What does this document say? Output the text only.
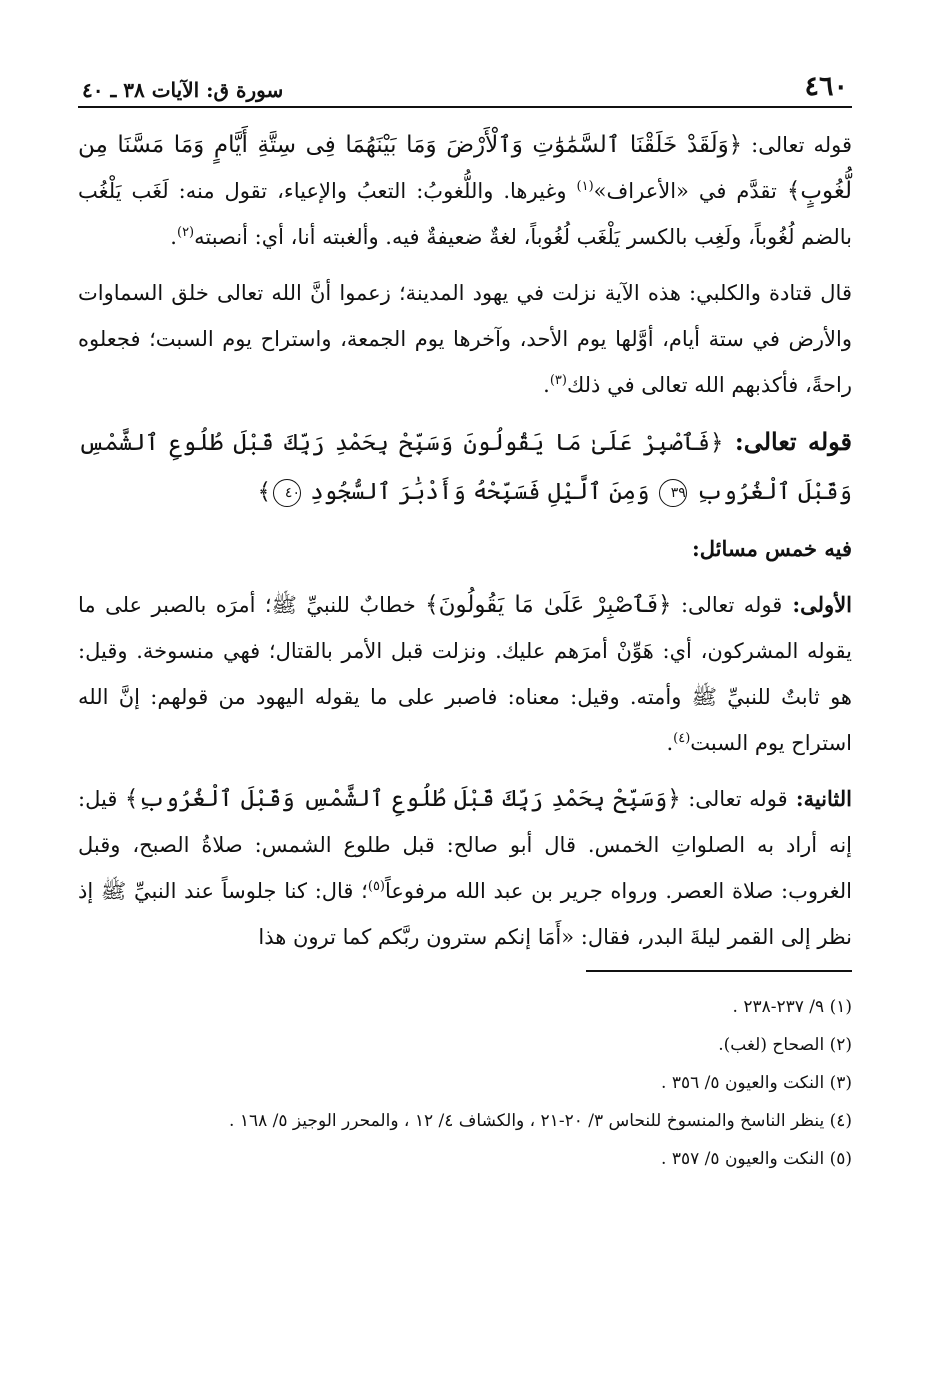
٤٦٠
سورة ق: الآيات ٣٨ ـ ٤٠

قوله تعالى: ﴿وَلَقَدْ خَلَقْنَا ٱلسَّمَٰوَٰتِ وَٱلْأَرْضَ وَمَا بَيْنَهُمَا فِى سِتَّةِ أَيَّامٍ وَمَا مَسَّنَا مِن لُّغُوبٍ﴾ تقدَّم في «الأعراف»$^{(١)}$ وغيرها. واللُّغوبُ: التعبُ والإعياء، تقول منه: لَغَب يَلْغُب بالضم لُغُوباً، ولَغِب بالكسر يَلْغَب لُغُوباً، لغةٌ ضعيفةٌ فيه. وألغبته أنا، أي: أنصبته$^{(٢)}$.

قال قتادة والكلبي: هذه الآية نزلت في يهود المدينة؛ زعموا أنَّ الله تعالى خلق السماوات والأرض في ستة أيام، أوَّلها يوم الأحد، وآخرها يوم الجمعة، واستراح يوم السبت؛ فجعلوه راحةً، فأكذبهم الله تعالى في ذلك$^{(٣)}$.

قوله تعالى: ﴿فَٱصْبِرْ عَلَىٰ مَا يَقُولُونَ وَسَبِّحْ بِحَمْدِ رَبِّكَ قَبْلَ طُلُوعِ ٱلشَّمْسِ وَقَبْلَ ٱلْغُرُوبِ ٣٩ وَمِنَ ٱلَّيْلِ فَسَبِّحْهُ وَأَدْبَٰرَ ٱلسُّجُودِ ٤٠﴾

فيه خمس مسائل:

الأولى: قوله تعالى: ﴿فَٱصْبِرْ عَلَىٰ مَا يَقُولُونَ﴾ خطابٌ للنبيِّ ﷺ؛ أمرَه بالصبر على ما يقوله المشركون، أي: هَوِّنْ أمرَهم عليك. ونزلت قبل الأمر بالقتال؛ فهي منسوخة. وقيل: هو ثابتٌ للنبيِّ ﷺ وأمته. وقيل: معناه: فاصبر على ما يقوله اليهود من قولهم: إنَّ الله استراح يوم السبت$^{(٤)}$.

الثانية: قوله تعالى: ﴿وَسَبِّحْ بِحَمْدِ رَبِّكَ قَبْلَ طُلُوعِ ٱلشَّمْسِ وَقَبْلَ ٱلْغُرُوبِ﴾ قيل: إنه أراد به الصلواتِ الخمس. قال أبو صالح: قبل طلوع الشمس: صلاةُ الصبح، وقبل الغروب: صلاة العصر. ورواه جرير بن عبد الله مرفوعاً$^{(٥)}$؛ قال: كنا جلوساً عند النبيِّ ﷺ إذ نظر إلى القمر ليلةَ البدر، فقال: «أَمَا إنكم سترون ربَّكم كما ترون هذا

(١) ٩/ ٢٣٧-٢٣٨ .
(٢) الصحاح (لغب).
(٣) النكت والعيون ٥/ ٣٥٦ .
(٤) ينظر الناسخ والمنسوخ للنحاس ٣/ ٢٠-٢١ ، والكشاف ٤/ ١٢ ، والمحرر الوجيز ٥/ ١٦٨ .
(٥) النكت والعيون ٥/ ٣٥٧ .
